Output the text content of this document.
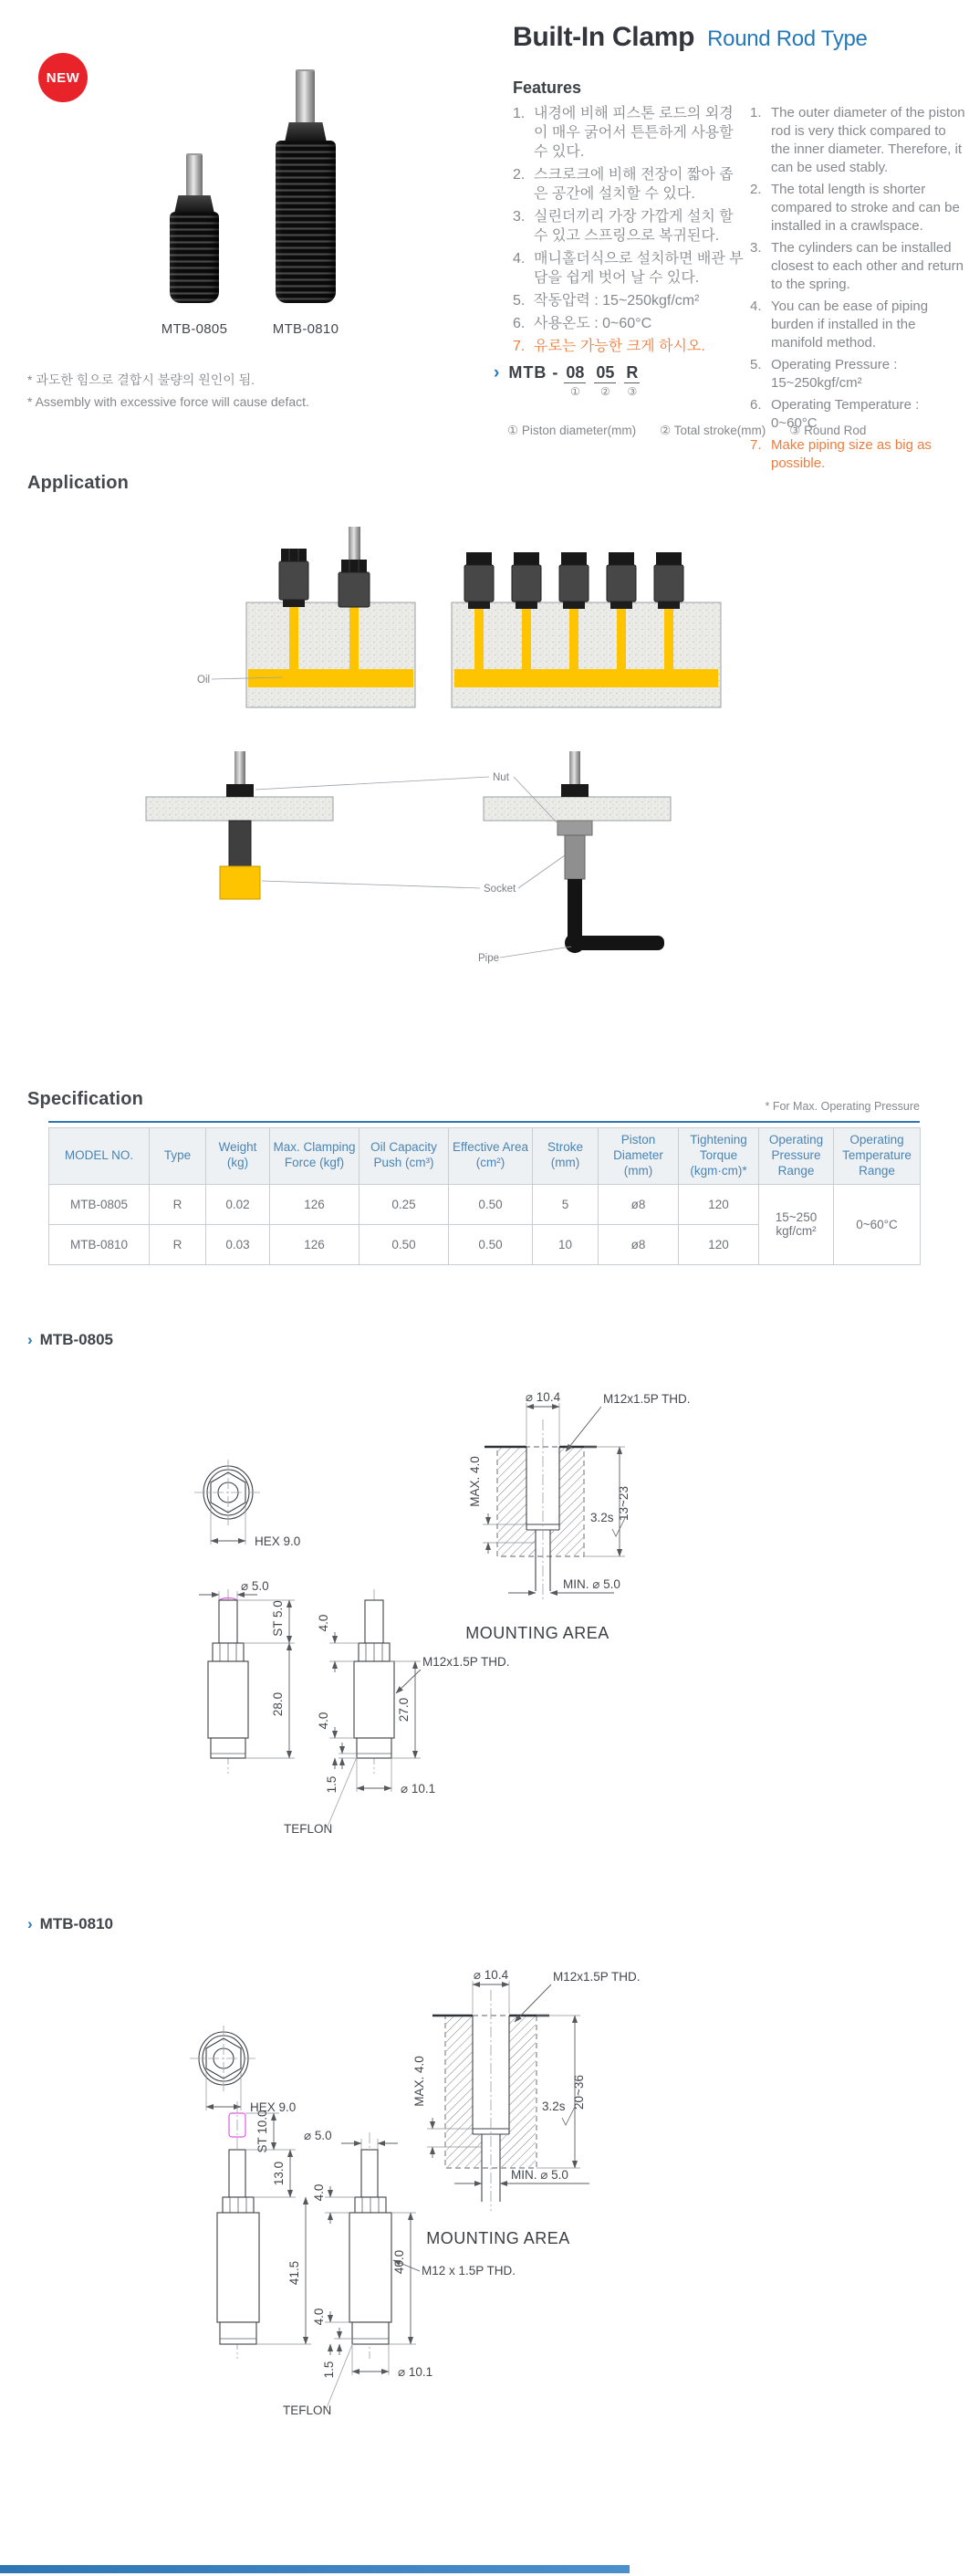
NEW
Built-In Clamp Round Rod Type
MTB-0805	MTB-0810
* 과도한 힘으로 결합시 불량의 원인이 됨.
* Assembly with excessive force will cause defact.
Features
1. 내경에 비해 피스톤 로드의 외경이 매우 굵어서 튼튼하게 사용할 수 있다.
2. 스크로크에 비해 전장이 짧아 좁은 공간에 설치할 수 있다.
3. 실린더끼리 가장 가깝게 설치 할 수 있고 스프링으로 복귀된다.
4. 매니홀더식으로 설치하면 배관 부담을 쉽게 벗어 날 수 있다.
5. 작동압력 : 15~250kgf/cm²
6. 사용온도 : 0~60°C
7. 유로는 가능한 크게 하시오.
1. The outer diameter of the piston rod is very thick compared to the inner diameter. Therefore, it can be used stably.
2. The total length is shorter compared to stroke and can be installed in a crawlspace.
3. The cylinders can be installed closest to each other and return to the spring.
4. You can be ease of piping burden if installed in the manifold method.
5. Operating Pressure : 15~250kgf/cm²
6. Operating Temperature : 0~60°C
7. Make piping size as big as possible.
›
MTB - 08
①
05
②
R
③
① Piston diameter(mm) ② Total stroke(mm) ③ Round Rod
Application
Oil
Nut
Socket
Pipe
Specification	* For Max. Operating Pressure
MODEL NO.	Type	Weight (kg)	Max. Clamping Force (kgf)	Oil Capacity Push (cm³)	Effective Area (cm²)	Stroke (mm)	Piston Diameter (mm)	Tightening Torque (kgm·cm)*	Operating Pressure Range	Operating Temperature Range
MTB-0805	R	0.02	126	0.25	0.50	5	ø8	120	15~250 kgf/cm²	0~60°C
MTB-0810	R	0.03	126	0.50	0.50	10	ø8	120		
›
MTB-0805
HEX 9.0
⌀ 5.0
ST 5.0
28.0
4.0
4.0
1.5
27.0
M12x1.5P THD.
⌀ 10.1
TEFLON
⌀ 10.4	M12x1.5P THD.
MAX. 4.0	13~23
3.2s
MIN. ⌀ 5.0
MOUNTING AREA
›
MTB-0810
HEX 9.0
ST 10.0
13.0
41.5
⌀ 5.0
4.0
40.0 M12 x 1.5P THD.
4.0
1.5	⌀ 10.1
TEFLON
⌀ 10.4	M12x1.5P THD.
MAX. 4.0	20~36
3.2s
MIN. ⌀ 5.0
MOUNTING AREA
